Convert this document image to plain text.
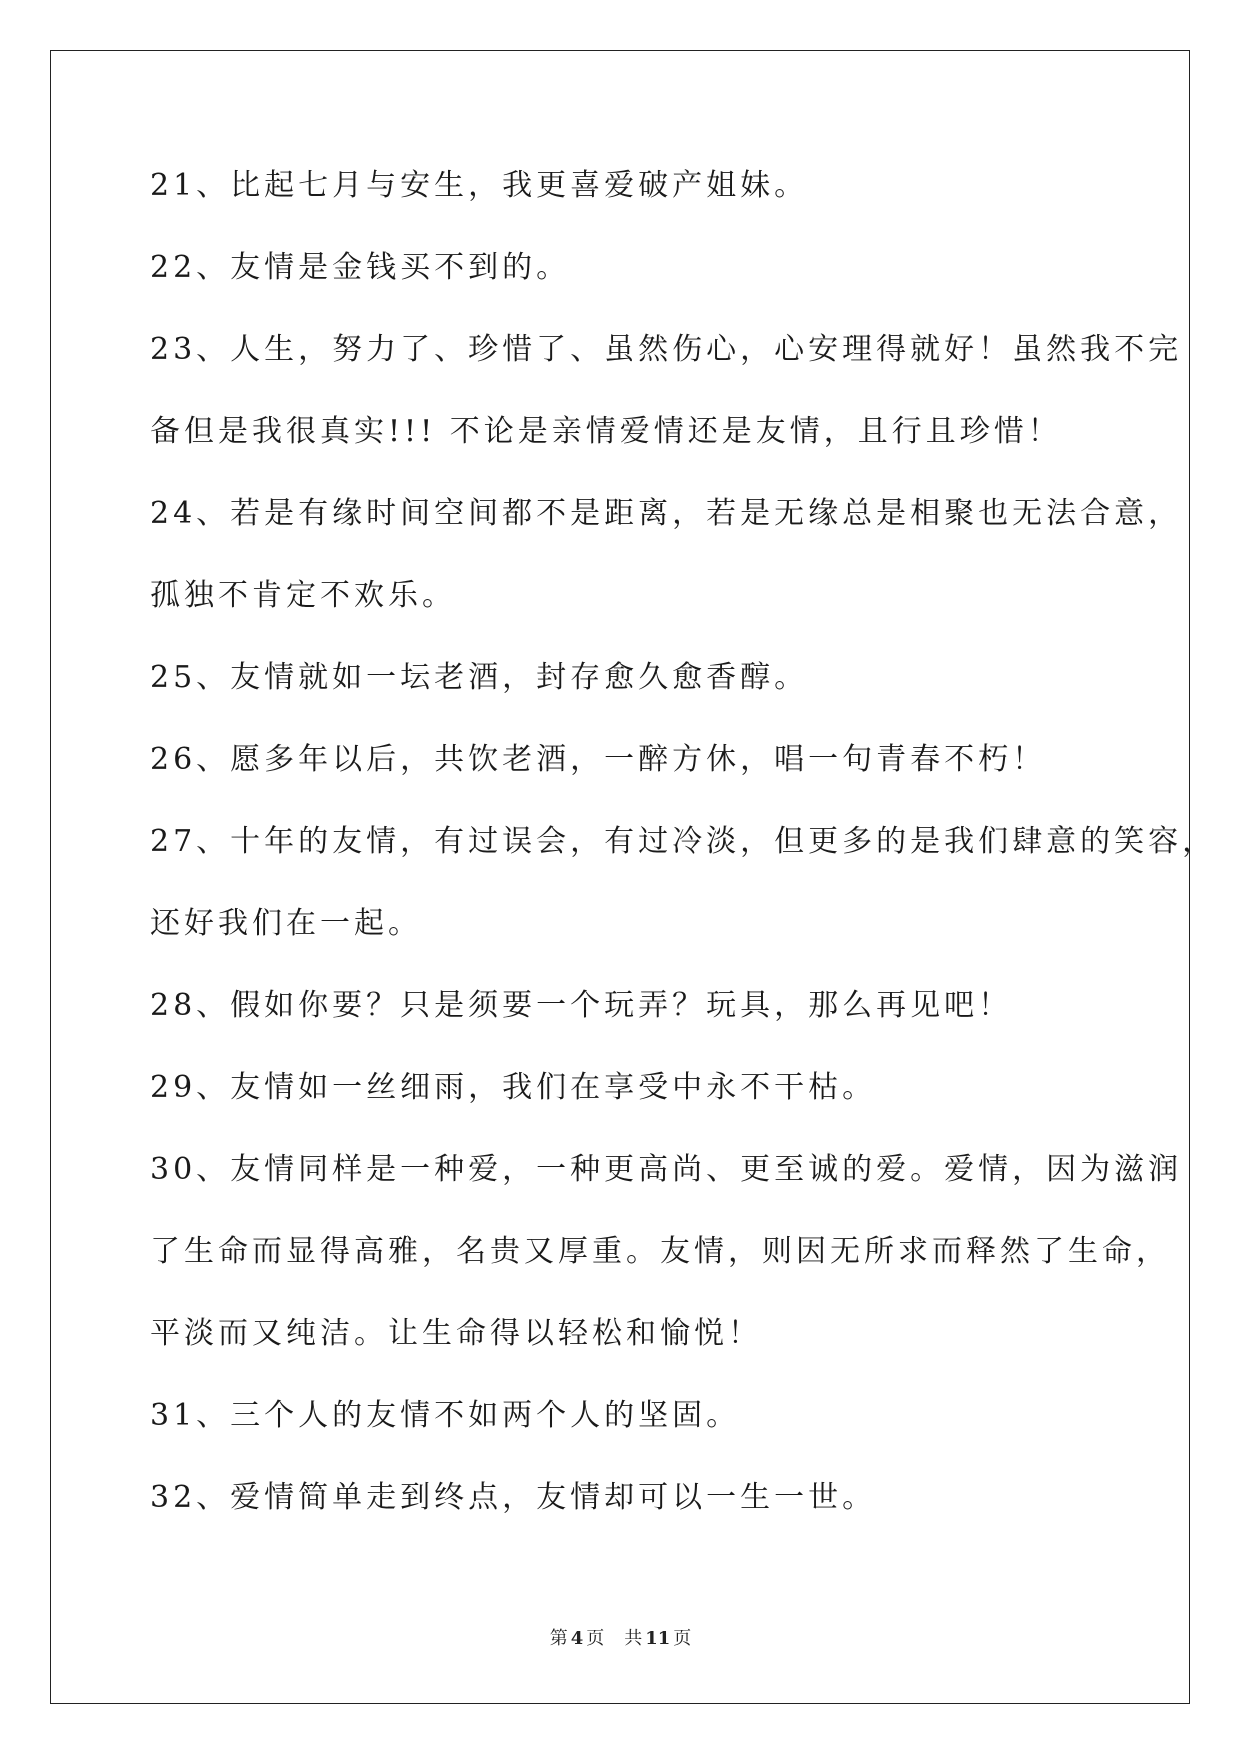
21、比起七月与安生，我更喜爱破产姐妹。
22、友情是金钱买不到的。
23、人生，努力了、珍惜了、虽然伤心，心安理得就好！虽然我不完
备但是我很真实!!! 不论是亲情爱情还是友情，且行且珍惜！
24、若是有缘时间空间都不是距离，若是无缘总是相聚也无法合意，
孤独不肯定不欢乐。
25、友情就如一坛老酒，封存愈久愈香醇。
26、愿多年以后，共饮老酒，一醉方休，唱一句青春不朽！
27、十年的友情，有过误会，有过冷淡，但更多的是我们肆意的笑容，
还好我们在一起。
28、假如你要？只是须要一个玩弄？玩具，那么再见吧！
29、友情如一丝细雨，我们在享受中永不干枯。
30、友情同样是一种爱，一种更高尚、更至诚的爱。爱情，因为滋润
了生命而显得高雅，名贵又厚重。友情，则因无所求而释然了生命，
平淡而又纯洁。让生命得以轻松和愉悦！
31、三个人的友情不如两个人的坚固。
32、爱情简单走到终点，友情却可以一生一世。
第 4 页 共 11 页
